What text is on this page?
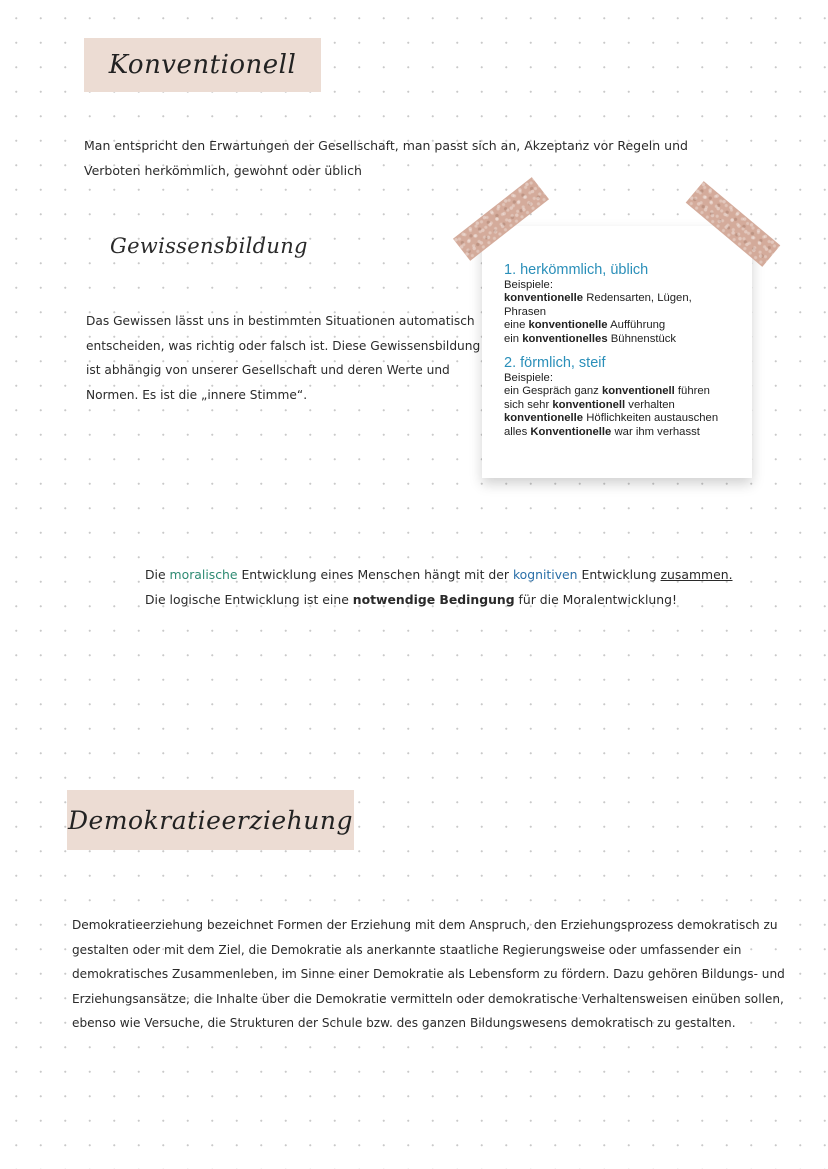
Konventionell
Man entspricht den Erwartungen der Gesellschaft, man passt sich an, Akzeptanz vor Regeln und
Verboten herkömmlich, gewohnt oder üblich
Gewissensbildung
Das Gewissen lässt uns in bestimmten Situationen automatisch
entscheiden, was richtig oder falsch ist. Diese Gewissensbildung
ist abhängig von unserer Gesellschaft und deren Werte und
Normen. Es ist die „innere Stimme“.
1. herkömmlich, üblich
Beispiele:
konventionelle Redensarten, Lügen,
Phrasen
eine konventionelle Aufführung
ein konventionelles Bühnenstück
2. förmlich, steif
Beispiele:
ein Gespräch ganz konventionell führen
sich sehr konventionell verhalten
konventionelle Höflichkeiten austauschen
alles Konventionelle war ihm verhasst
Die moralische Entwicklung eines Menschen hängt mit der kognitiven Entwicklung zusammen.
Die logische Entwicklung ist eine notwendige Bedingung für die Moralentwicklung!
Demokratieerziehung
Demokratieerziehung bezeichnet Formen der Erziehung mit dem Anspruch, den Erziehungsprozess demokratisch zu
gestalten oder mit dem Ziel, die Demokratie als anerkannte staatliche Regierungsweise oder umfassender ein
demokratisches Zusammenleben, im Sinne einer Demokratie als Lebensform zu fördern. Dazu gehören Bildungs- und
Erziehungsansätze, die Inhalte über die Demokratie vermitteln oder demokratische Verhaltensweisen einüben sollen,
ebenso wie Versuche, die Strukturen der Schule bzw. des ganzen Bildungswesens demokratisch zu gestalten.
